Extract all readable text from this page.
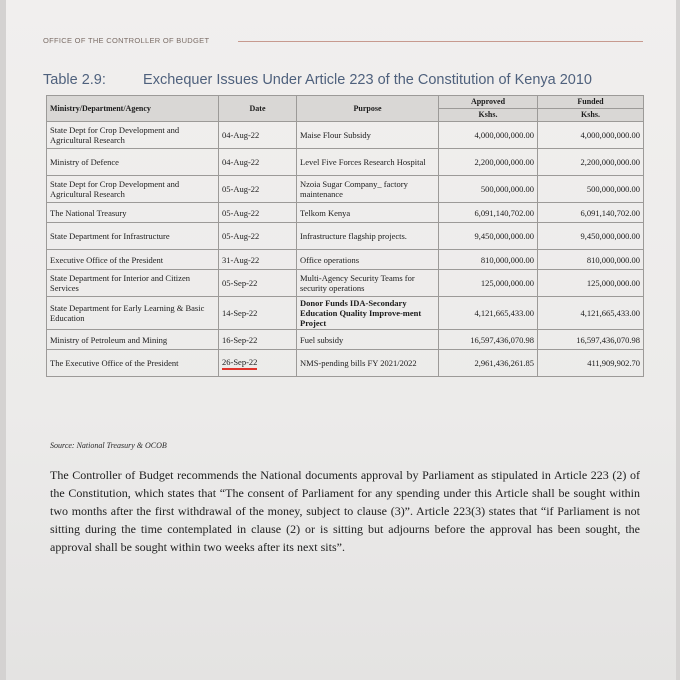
OFFICE OF THE CONTROLLER OF BUDGET
Table 2.9:	Exchequer Issues Under Article 223 of the Constitution of Kenya 2010
Ministry/Department/Agency	Date	Purpose	Approved	Funded
			Kshs.	Kshs.
State Dept for Crop Development and Agricultural Research	04-Aug-22	Maise Flour Subsidy	4,000,000,000.00	4,000,000,000.00
Ministry of Defence	04-Aug-22	Level Five Forces Research Hospital	2,200,000,000.00	2,200,000,000.00
State Dept for Crop Development and Agricultural Research	05-Aug-22	Nzoia Sugar Company_ factory maintenance	500,000,000.00	500,000,000.00
The National Treasury	05-Aug-22	Telkom Kenya	6,091,140,702.00	6,091,140,702.00
State Department for Infrastructure	05-Aug-22	Infrastructure flagship projects.	9,450,000,000.00	9,450,000,000.00
Executive Office of the President	31-Aug-22	Office operations	810,000,000.00	810,000,000.00
State Department for Interior and Citizen Services	05-Sep-22	Multi-Agency Security Teams for security operations	125,000,000.00	125,000,000.00
State Department for Early Learning & Basic Education	14-Sep-22	Donor Funds IDA-Secondary Education Quality Improve-ment Project	4,121,665,433.00	4,121,665,433.00
Ministry of Petroleum and Mining	16-Sep-22	Fuel subsidy	16,597,436,070.98	16,597,436,070.98
The Executive Office of the President	26-Sep-22	NMS-pending bills FY 2021/2022	2,961,436,261.85	411,909,902.70
Source: National Treasury & OCOB
The Controller of Budget recommends the National documents approval by Parliament as stipulated in Article 223 (2) of the Constitution, which states that “The consent of Parliament for any spending under this Article shall be sought within two months after the first withdrawal of the money, subject to clause (3)”. Article 223(3) states that “if Parliament is not sitting during the time contemplated in clause (2) or is sitting but adjourns before the approval has been sought, the approval shall be sought within two weeks after its next sits”.
